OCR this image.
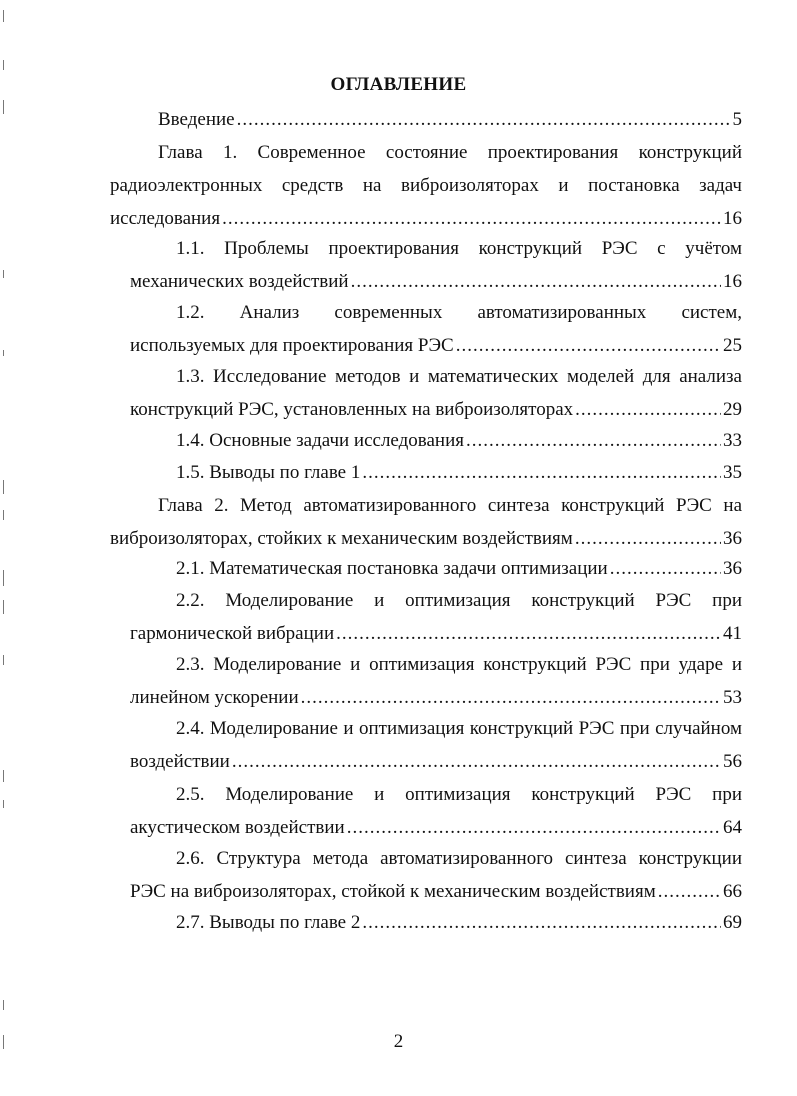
ОГЛАВЛЕНИЕ
Введение .....	5
Глава 1. Современное состояние проектирования конструкций
радиоэлектронных средств на виброизоляторах и постановка задач
исследования .....	16
1.1. Проблемы проектирования конструкций РЭС с учётом
механических воздействий .....	16
1.2. Анализ современных автоматизированных систем,
используемых для проектирования РЭС .....	25
1.3. Исследование методов и математических моделей для анализа
конструкций РЭС, установленных на виброизоляторах .....	29
1.4. Основные задачи исследования .....	33
1.5. Выводы по главе 1 .....	35
Глава 2. Метод автоматизированного синтеза конструкций РЭС на
виброизоляторах, стойких к механическим воздействиям .....	36
2.1. Математическая постановка задачи оптимизации .....	36
2.2. Моделирование и оптимизация конструкций РЭС при
гармонической вибрации .....	41
2.3. Моделирование и оптимизация конструкций РЭС при ударе и
линейном ускорении .....	53
2.4. Моделирование и оптимизация конструкций РЭС при случайном
воздействии .....	56
2.5. Моделирование и оптимизация конструкций РЭС при
акустическом воздействии .....	64
2.6. Структура метода автоматизированного синтеза конструкции
РЭС на виброизоляторах, стойкой к механическим воздействиям .....	66
2.7. Выводы по главе 2 .....	69
2
